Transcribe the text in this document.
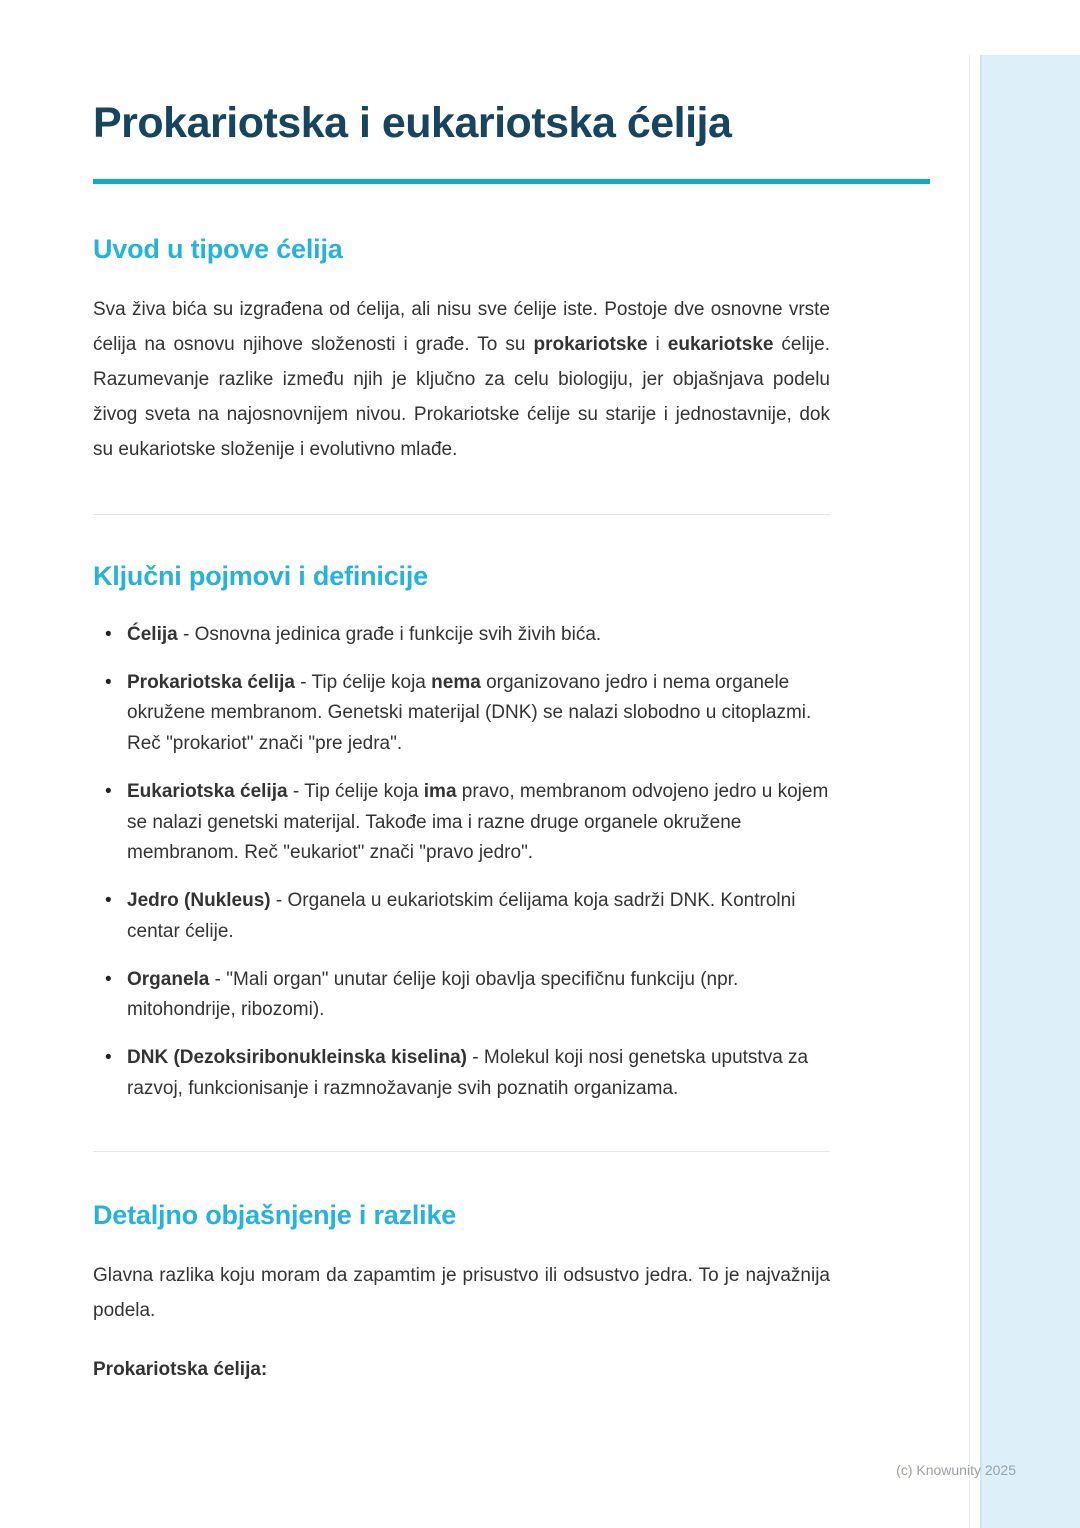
Prokariotska i eukariotska ćelija
Uvod u tipove ćelija

Sva živa bića su izgrađena od ćelija, ali nisu sve ćelije iste. Postoje dve osnovne vrste ćelija na osnovu njihove složenosti i građe. To su prokariotske i eukariotske ćelije. Razumevanje razlike između njih je ključno za celu biologiju, jer objašnjava podelu živog sveta na najosnovnijem nivou. Prokariotske ćelije su starije i jednostavnije, dok su eukariotske složenije i evolutivno mlađe.

Ključni pojmovi i definicije
• Ćelija - Osnovna jedinica građe i funkcije svih živih bića.
• Prokariotska ćelija - Tip ćelije koja nema organizovano jedro i nema organele okružene membranom. Genetski materijal (DNK) se nalazi slobodno u citoplazmi. Reč "prokariot" znači "pre jedra".
• Eukariotska ćelija - Tip ćelije koja ima pravo, membranom odvojeno jedro u kojem se nalazi genetski materijal. Takođe ima i razne druge organele okružene membranom. Reč "eukariot" znači "pravo jedro".
• Jedro (Nukleus) - Organela u eukariotskim ćelijama koja sadrži DNK. Kontrolni centar ćelije.
• Organela - "Mali organ" unutar ćelije koji obavlja specifičnu funkciju (npr. mitohondrije, ribozomi).
• DNK (Dezoksiribonukleinska kiselina) - Molekul koji nosi genetska uputstva za razvoj, funkcionisanje i razmnožavanje svih poznatih organizama.
Detaljno objašnjenje i razlike

Glavna razlika koju moram da zapamtim je prisustvo ili odsustvo jedra. To je najvažnija podela.

Prokariotska ćelija:

(c) Knowunity 2025
